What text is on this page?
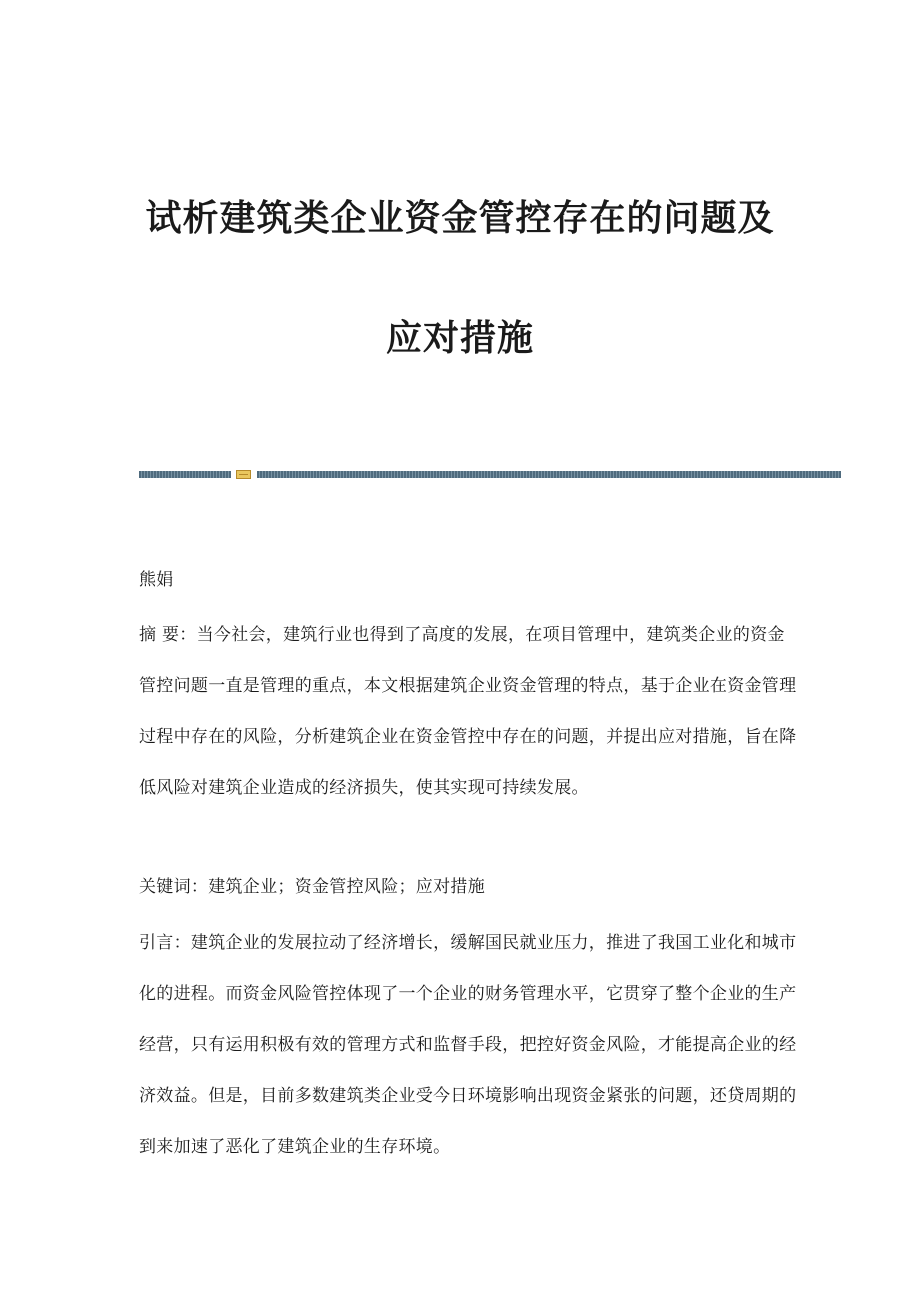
试析建筑类企业资金管控存在的问题及
应对措施

熊娟

摘 要：当今社会，建筑行业也得到了高度的发展，在项目管理中，建筑类企业的资金管控问题一直是管理的重点，本文根据建筑企业资金管理的特点，基于企业在资金管理过程中存在的风险，分析建筑企业在资金管控中存在的问题，并提出应对措施，旨在降低风险对建筑企业造成的经济损失，使其实现可持续发展。

关键词：建筑企业；资金管控风险；应对措施

引言：建筑企业的发展拉动了经济增长，缓解国民就业压力，推进了我国工业化和城市化的进程。而资金风险管控体现了一个企业的财务管理水平，它贯穿了整个企业的生产经营，只有运用积极有效的管理方式和监督手段，把控好资金风险，才能提高企业的经济效益。但是，目前多数建筑类企业受今日环境影响出现资金紧张的问题，还贷周期的到来加速了恶化了建筑企业的生存环境。
